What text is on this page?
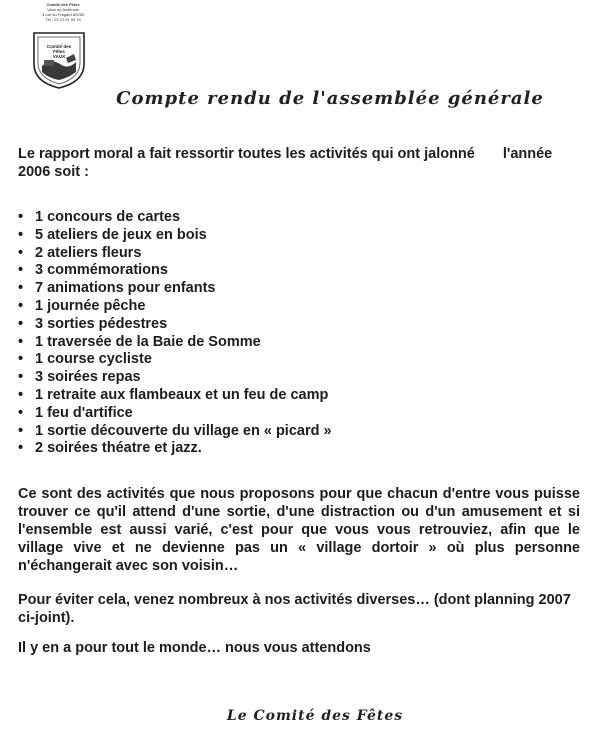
Comité des Fêtes
Vaux en Amiénois
3 rue du Fragard 80260
Tél : 03 22 51 99 19
Comité des
Fêtes
VAUX
Compte rendu de l'assemblée générale
Le rapport moral a fait ressortir toutes les activités qui ont jalonné l'année
2006 soit :
• 1 concours de cartes
• 5 ateliers de jeux en bois
• 2 ateliers fleurs
• 3 commémorations
• 7 animations pour enfants
• 1 journée pêche
• 3 sorties pédestres
• 1 traversée de la Baie de Somme
• 1 course cycliste
• 3 soirées repas
• 1 retraite aux flambeaux et un feu de camp
• 1 feu d'artifice
• 1 sortie découverte du village en « picard »
• 2 soirées théatre et jazz.
Ce sont des activités que nous proposons pour que chacun d'entre vous puisse trouver ce qu'il attend d'une sortie, d'une distraction ou d'un amusement et si l'ensemble est aussi varié, c'est pour que vous vous retrouviez, afin que le village vive et ne devienne pas un « village dortoir » où plus personne n'échangerait avec son voisin…
Pour éviter cela, venez nombreux à nos activités diverses… (dont planning 2007 ci-joint).
Il y en a pour tout le monde… nous vous attendons
Le Comité des Fêtes
